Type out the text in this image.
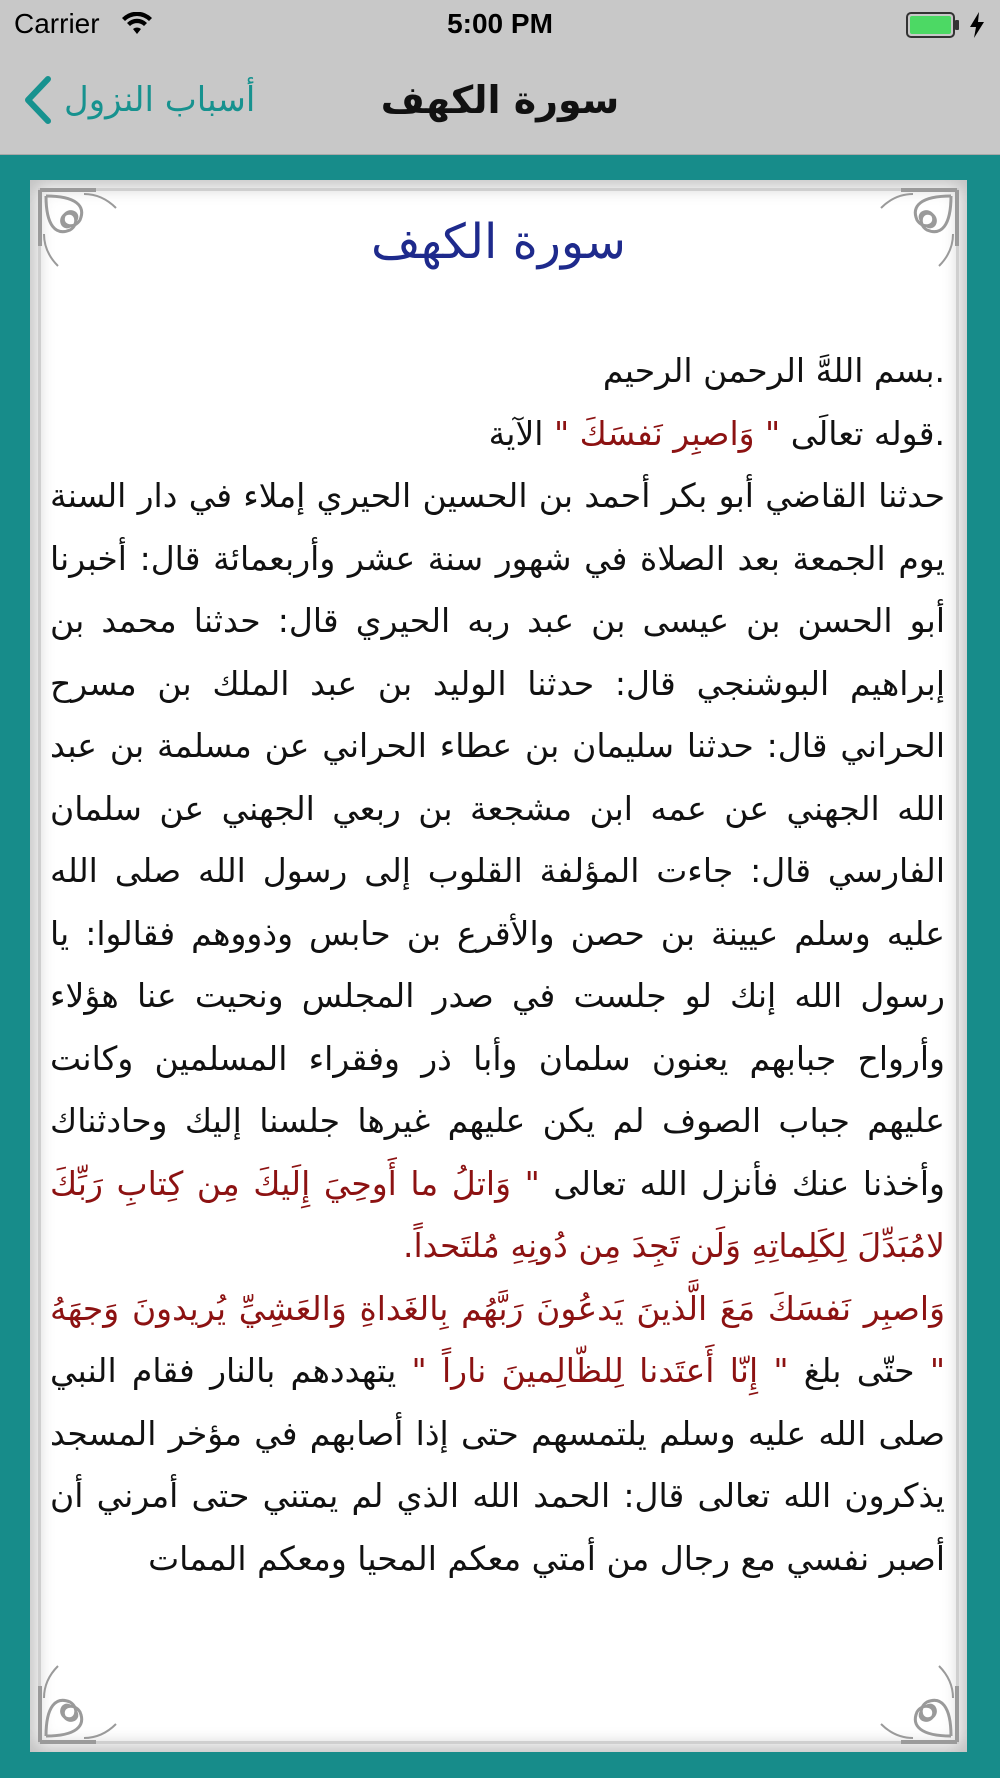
Carrier	5:00 PM
أسباب النزول	سورة الكهف
سورة الكهف

.بسم اللهَّ الرحمن الرحيم

.قوله تعالَى " وَاصبِر نَفسَكَ " الآية

حدثنا القاضي أبو بكر أحمد بن الحسين الحيري إملاء في دار السنة يوم الجمعة بعد الصلاة في شهور سنة عشر وأربعمائة قال: أخبرنا أبو الحسن بن عيسى بن عبد ربه الحيري قال: حدثنا محمد بن إبراهيم البوشنجي قال: حدثنا الوليد بن عبد الملك بن مسرح الحراني قال: حدثنا سليمان بن عطاء الحراني عن مسلمة بن عبد الله الجهني عن عمه ابن مشجعة بن ربعي الجهني عن سلمان الفارسي قال: جاءت المؤلفة القلوب إلى رسول الله صلى الله عليه وسلم عيينة بن حصن والأقرع بن حابس وذووهم فقالوا: يا رسول الله إنك لو جلست في صدر المجلس ونحيت عنا هؤلاء وأرواح جبابهم يعنون سلمان وأبا ذر وفقراء المسلمين وكانت عليهم جباب الصوف لم يكن عليهم غيرها جلسنا إليك وحادثناك وأخذنا عنك فأنزل الله تعالى " وَاتلُ ما أَوحِيَ إِلَيكَ مِن كِتابِ رَبِّكَ لامُبَدِّلَ لِكَلِماتِهِ وَلَن تَجِدَ مِن دُونِهِ مُلتَحداً.

وَاصبِر نَفسَكَ مَعَ الَّذينَ يَدعُونَ رَبَّهُم بِالغَداةِ وَالعَشِيِّ يُريدونَ وَجهَهُ " حتّى بلغ " إِنّا أَعتَدنا لِلظّالِمينَ ناراً " يتهددهم بالنار فقام النبي صلى الله عليه وسلم يلتمسهم حتى إذا أصابهم في مؤخر المسجد يذكرون الله تعالى قال: الحمد الله الذي لم يمتني حتى أمرني أن أصبر نفسي مع رجال من أمتي معكم المحيا ومعكم الممات
